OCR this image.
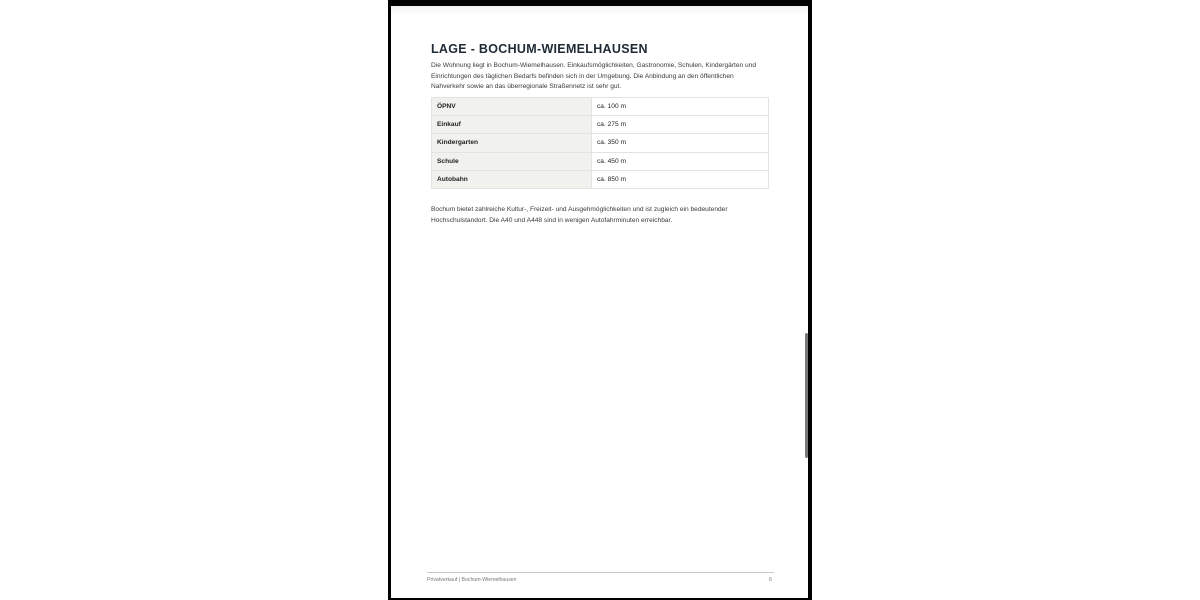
LAGE - BOCHUM-WIEMELHAUSEN
Die Wohnung liegt in Bochum-Wiemelhausen. Einkaufsmöglichkeiten, Gastronomie, Schulen, Kindergärten und Einrichtungen des täglichen Bedarfs befinden sich in der Umgebung. Die Anbindung an den öffentlichen Nahverkehr sowie an das überregionale Straßennetz ist sehr gut.
ÖPNV	ca. 100 m
Einkauf	ca. 275 m
Kindergarten	ca. 350 m
Schule	ca. 450 m
Autobahn	ca. 850 m
Bochum bietet zahlreiche Kultur-, Freizeit- und Ausgehmöglichkeiten und ist zugleich ein bedeutender Hochschulstandort. Die A40 und A448 sind in wenigen Autofahrminuten erreichbar.
Privatverkauf | Bochum-Wiemelhausen	6
